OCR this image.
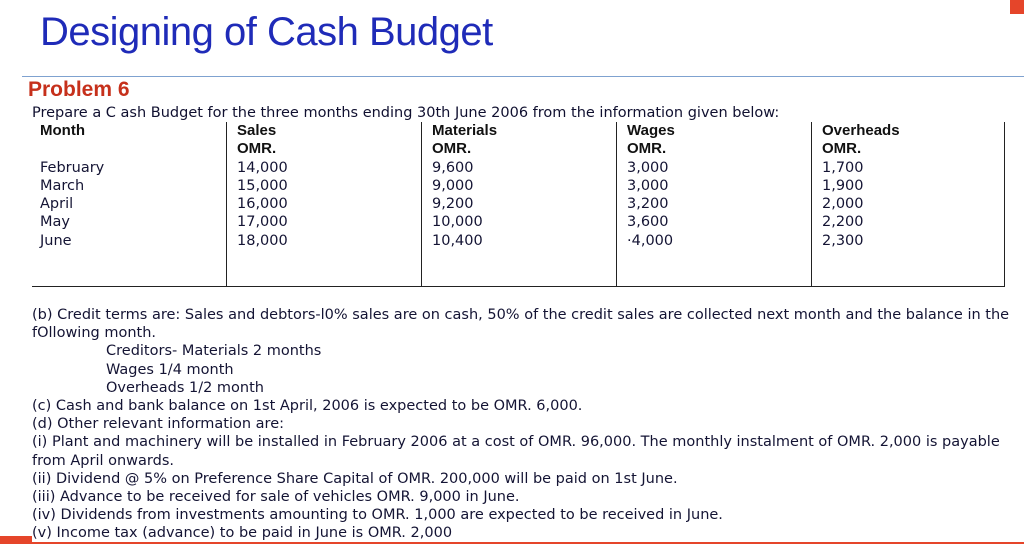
Designing of Cash Budget
Problem 6
Prepare a C ash Budget for the three months ending 30th June 2006 from the information given below:
Month
February
March
April
May
June
Sales
OMR.
14,000
15,000
16,000
17,000
18,000
Materials
OMR.
9,600
9,000
9,200
10,000
10,400
Wages
OMR.
3,000
3,000
3,200
3,600
·4,000
Overheads
OMR.
1,700
1,900
2,000
2,200
2,300
(b) Credit terms are: Sales and debtors-l0% sales are on cash, 50% of the credit sales are collected next month and the balance in the fOllowing month.
Creditors- Materials 2 months
Wages 1/4 month
Overheads 1/2 month
(c) Cash and bank balance on 1st April, 2006 is expected to be OMR. 6,000.
(d) Other relevant information are:
(i) Plant and machinery will be installed in February 2006 at a cost of OMR. 96,000. The monthly instalment of OMR. 2,000 is payable from April onwards.
(ii) Dividend @ 5% on Preference Share Capital of OMR. 200,000 will be paid on 1st June.
(iii) Advance to be received for sale of vehicles OMR. 9,000 in June.
(iv) Dividends from investments amounting to OMR. 1,000 are expected to be received in June.
(v) Income tax (advance) to be paid in June is OMR. 2,000
